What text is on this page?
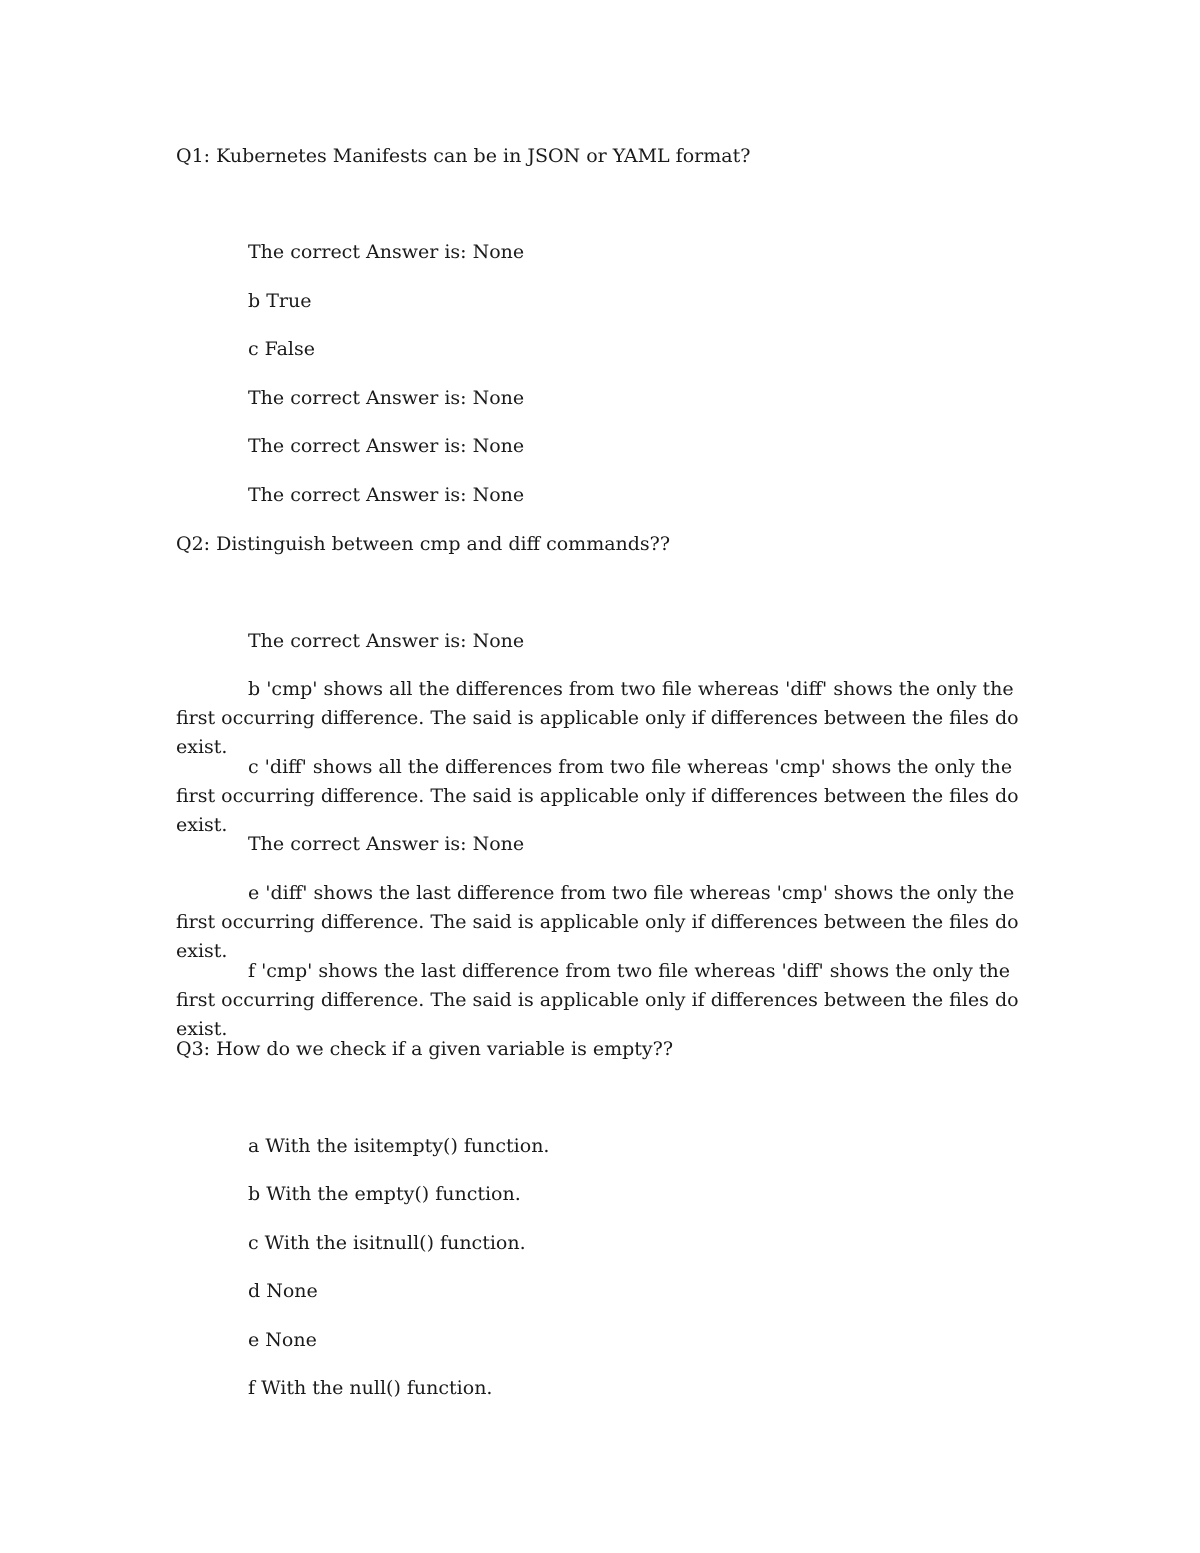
Q1: Kubernetes Manifests can be in JSON or YAML format?
The correct Answer is: None
b True
c False
The correct Answer is: None
The correct Answer is: None
The correct Answer is: None
Q2: Distinguish between cmp and diff commands??
The correct Answer is: None
b 'cmp' shows all the differences from two file whereas 'diff' shows the only the first occurring difference. The said is applicable only if differences between the files do exist.
c 'diff' shows all the differences from two file whereas 'cmp' shows the only the first occurring difference. The said is applicable only if differences between the files do exist.
The correct Answer is: None
e 'diff' shows the last difference from two file whereas 'cmp' shows the only the first occurring difference. The said is applicable only if differences between the files do exist.
f 'cmp' shows the last difference from two file whereas 'diff' shows the only the first occurring difference. The said is applicable only if differences between the files do exist.
Q3: How do we check if a given variable is empty??
a With the isitempty() function.
b With the empty() function.
c With the isitnull() function.
d None
e None
f With the null() function.
